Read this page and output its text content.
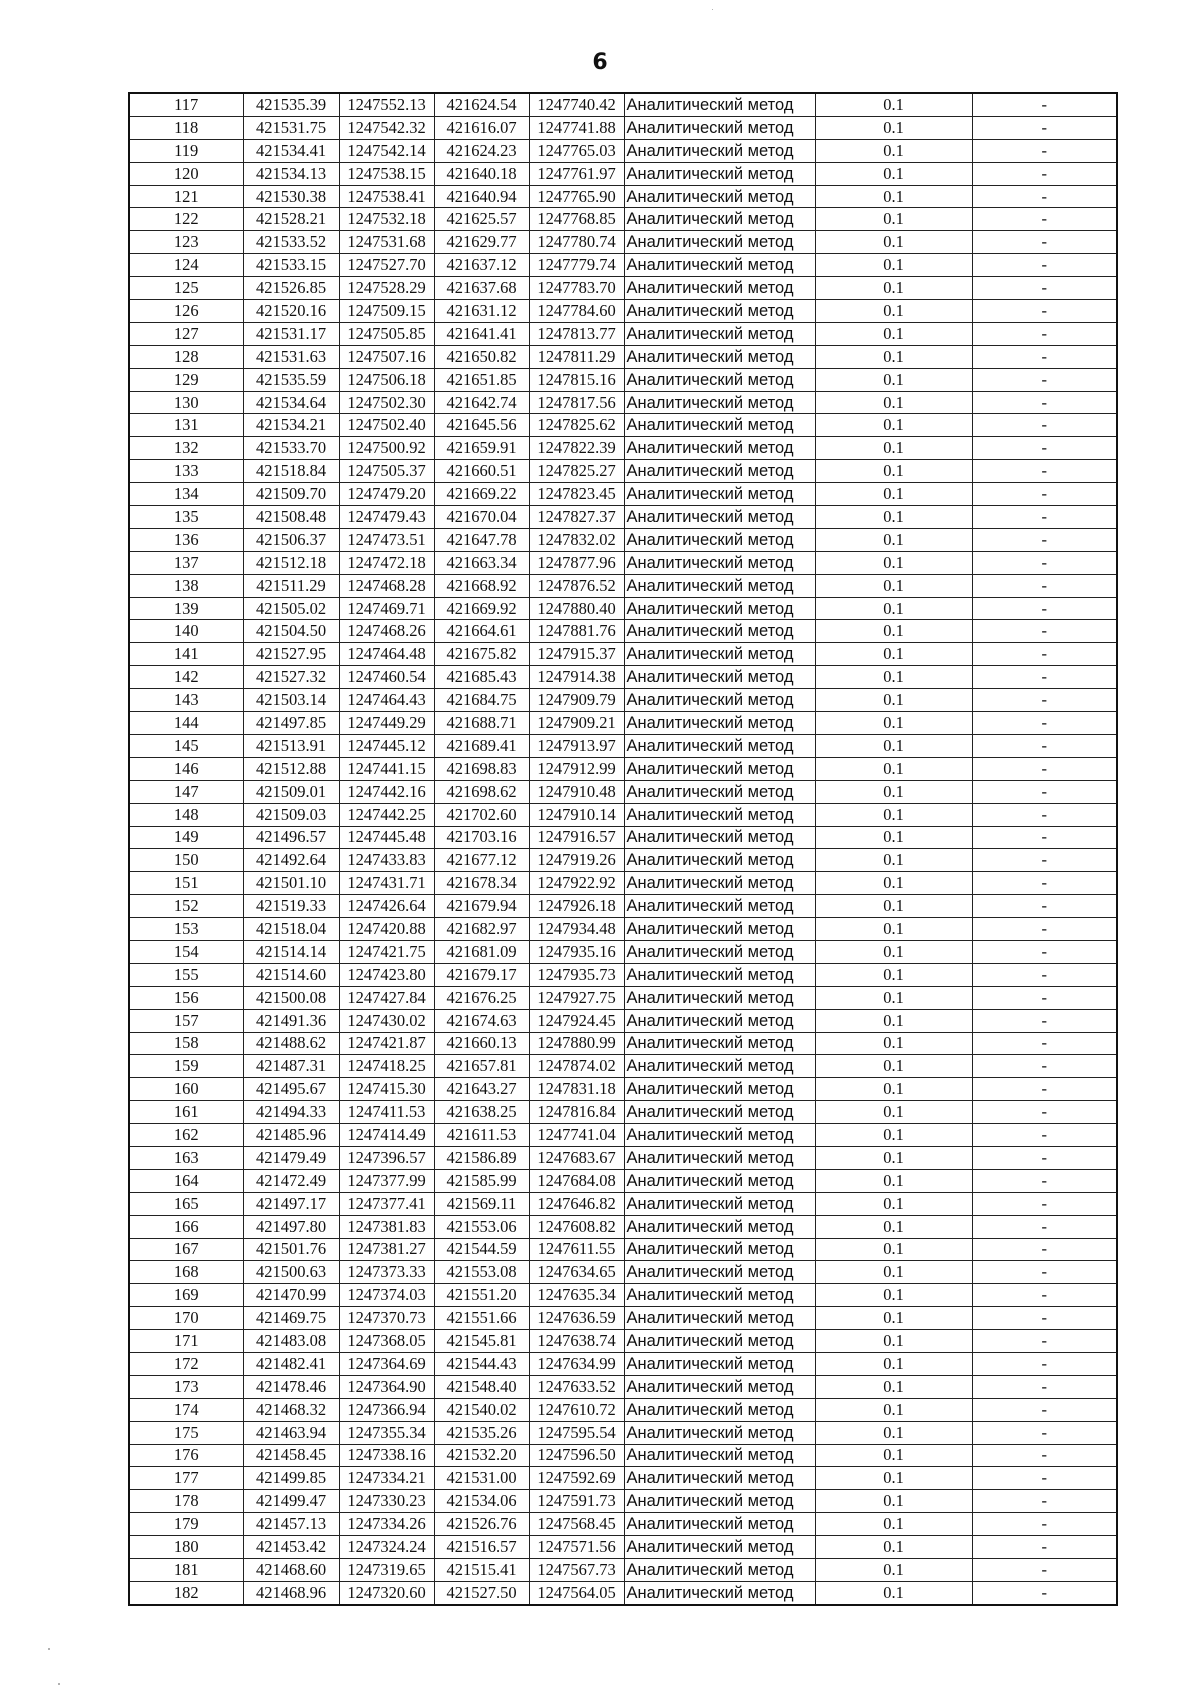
6
117	421535.39	1247552.13	421624.54	1247740.42	Аналитический метод	0.1	-
118	421531.75	1247542.32	421616.07	1247741.88	Аналитический метод	0.1	-
119	421534.41	1247542.14	421624.23	1247765.03	Аналитический метод	0.1	-
120	421534.13	1247538.15	421640.18	1247761.97	Аналитический метод	0.1	-
121	421530.38	1247538.41	421640.94	1247765.90	Аналитический метод	0.1	-
122	421528.21	1247532.18	421625.57	1247768.85	Аналитический метод	0.1	-
123	421533.52	1247531.68	421629.77	1247780.74	Аналитический метод	0.1	-
124	421533.15	1247527.70	421637.12	1247779.74	Аналитический метод	0.1	-
125	421526.85	1247528.29	421637.68	1247783.70	Аналитический метод	0.1	-
126	421520.16	1247509.15	421631.12	1247784.60	Аналитический метод	0.1	-
127	421531.17	1247505.85	421641.41	1247813.77	Аналитический метод	0.1	-
128	421531.63	1247507.16	421650.82	1247811.29	Аналитический метод	0.1	-
129	421535.59	1247506.18	421651.85	1247815.16	Аналитический метод	0.1	-
130	421534.64	1247502.30	421642.74	1247817.56	Аналитический метод	0.1	-
131	421534.21	1247502.40	421645.56	1247825.62	Аналитический метод	0.1	-
132	421533.70	1247500.92	421659.91	1247822.39	Аналитический метод	0.1	-
133	421518.84	1247505.37	421660.51	1247825.27	Аналитический метод	0.1	-
134	421509.70	1247479.20	421669.22	1247823.45	Аналитический метод	0.1	-
135	421508.48	1247479.43	421670.04	1247827.37	Аналитический метод	0.1	-
136	421506.37	1247473.51	421647.78	1247832.02	Аналитический метод	0.1	-
137	421512.18	1247472.18	421663.34	1247877.96	Аналитический метод	0.1	-
138	421511.29	1247468.28	421668.92	1247876.52	Аналитический метод	0.1	-
139	421505.02	1247469.71	421669.92	1247880.40	Аналитический метод	0.1	-
140	421504.50	1247468.26	421664.61	1247881.76	Аналитический метод	0.1	-
141	421527.95	1247464.48	421675.82	1247915.37	Аналитический метод	0.1	-
142	421527.32	1247460.54	421685.43	1247914.38	Аналитический метод	0.1	-
143	421503.14	1247464.43	421684.75	1247909.79	Аналитический метод	0.1	-
144	421497.85	1247449.29	421688.71	1247909.21	Аналитический метод	0.1	-
145	421513.91	1247445.12	421689.41	1247913.97	Аналитический метод	0.1	-
146	421512.88	1247441.15	421698.83	1247912.99	Аналитический метод	0.1	-
147	421509.01	1247442.16	421698.62	1247910.48	Аналитический метод	0.1	-
148	421509.03	1247442.25	421702.60	1247910.14	Аналитический метод	0.1	-
149	421496.57	1247445.48	421703.16	1247916.57	Аналитический метод	0.1	-
150	421492.64	1247433.83	421677.12	1247919.26	Аналитический метод	0.1	-
151	421501.10	1247431.71	421678.34	1247922.92	Аналитический метод	0.1	-
152	421519.33	1247426.64	421679.94	1247926.18	Аналитический метод	0.1	-
153	421518.04	1247420.88	421682.97	1247934.48	Аналитический метод	0.1	-
154	421514.14	1247421.75	421681.09	1247935.16	Аналитический метод	0.1	-
155	421514.60	1247423.80	421679.17	1247935.73	Аналитический метод	0.1	-
156	421500.08	1247427.84	421676.25	1247927.75	Аналитический метод	0.1	-
157	421491.36	1247430.02	421674.63	1247924.45	Аналитический метод	0.1	-
158	421488.62	1247421.87	421660.13	1247880.99	Аналитический метод	0.1	-
159	421487.31	1247418.25	421657.81	1247874.02	Аналитический метод	0.1	-
160	421495.67	1247415.30	421643.27	1247831.18	Аналитический метод	0.1	-
161	421494.33	1247411.53	421638.25	1247816.84	Аналитический метод	0.1	-
162	421485.96	1247414.49	421611.53	1247741.04	Аналитический метод	0.1	-
163	421479.49	1247396.57	421586.89	1247683.67	Аналитический метод	0.1	-
164	421472.49	1247377.99	421585.99	1247684.08	Аналитический метод	0.1	-
165	421497.17	1247377.41	421569.11	1247646.82	Аналитический метод	0.1	-
166	421497.80	1247381.83	421553.06	1247608.82	Аналитический метод	0.1	-
167	421501.76	1247381.27	421544.59	1247611.55	Аналитический метод	0.1	-
168	421500.63	1247373.33	421553.08	1247634.65	Аналитический метод	0.1	-
169	421470.99	1247374.03	421551.20	1247635.34	Аналитический метод	0.1	-
170	421469.75	1247370.73	421551.66	1247636.59	Аналитический метод	0.1	-
171	421483.08	1247368.05	421545.81	1247638.74	Аналитический метод	0.1	-
172	421482.41	1247364.69	421544.43	1247634.99	Аналитический метод	0.1	-
173	421478.46	1247364.90	421548.40	1247633.52	Аналитический метод	0.1	-
174	421468.32	1247366.94	421540.02	1247610.72	Аналитический метод	0.1	-
175	421463.94	1247355.34	421535.26	1247595.54	Аналитический метод	0.1	-
176	421458.45	1247338.16	421532.20	1247596.50	Аналитический метод	0.1	-
177	421499.85	1247334.21	421531.00	1247592.69	Аналитический метод	0.1	-
178	421499.47	1247330.23	421534.06	1247591.73	Аналитический метод	0.1	-
179	421457.13	1247334.26	421526.76	1247568.45	Аналитический метод	0.1	-
180	421453.42	1247324.24	421516.57	1247571.56	Аналитический метод	0.1	-
181	421468.60	1247319.65	421515.41	1247567.73	Аналитический метод	0.1	-
182	421468.96	1247320.60	421527.50	1247564.05	Аналитический метод	0.1	-
